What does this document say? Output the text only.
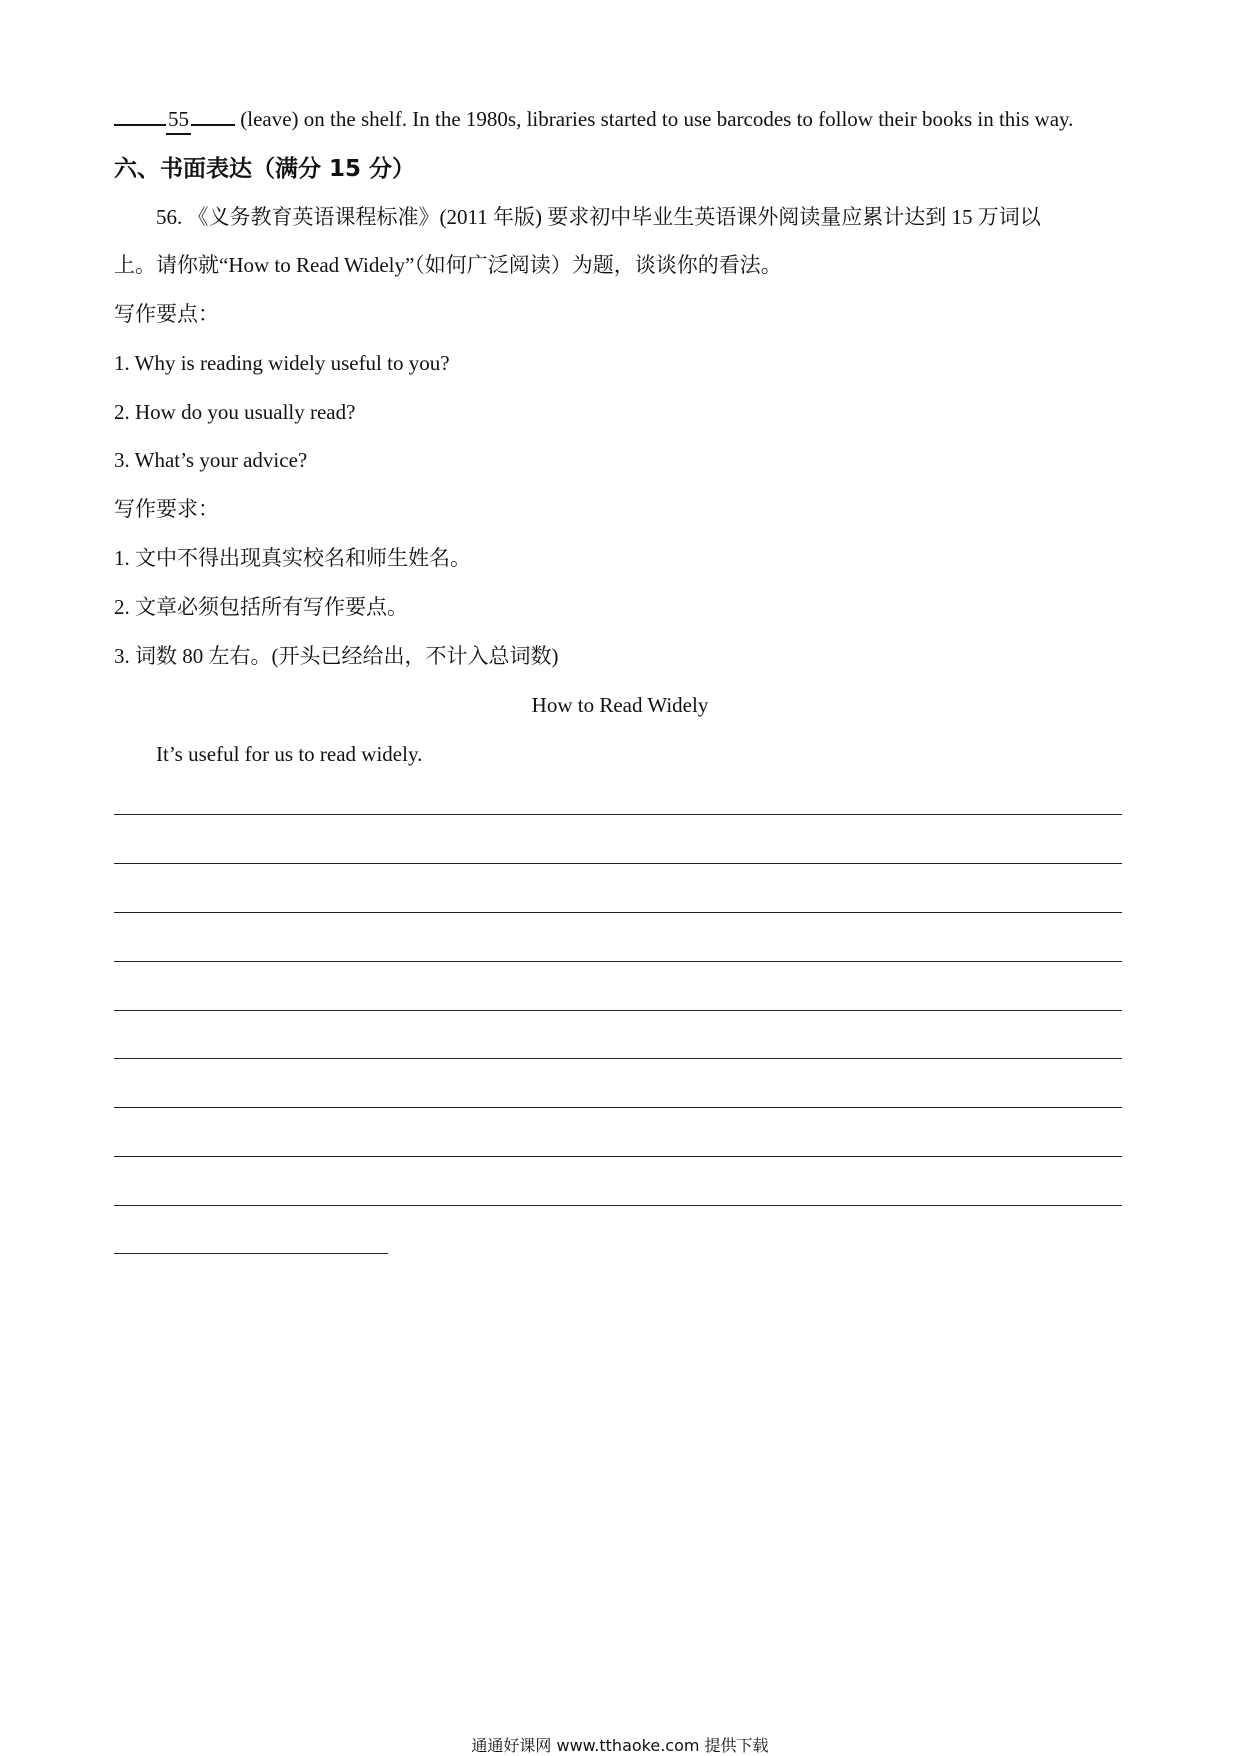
55 (leave) on the shelf. In the 1980s, libraries started to use barcodes to follow their books in this way.
六、书面表达（满分 15 分）
56. 《义务教育英语课程标准》(2011 年版) 要求初中毕业生英语课外阅读量应累计达到 15 万词以
上。请你就“How to Read Widely”（如何广泛阅读）为题，谈谈你的看法。
写作要点：
1. Why is reading widely useful to you?
2. How do you usually read?
3. What’s your advice?
写作要求：
1. 文中不得出现真实校名和师生姓名。
2. 文章必须包括所有写作要点。
3. 词数 80 左右。(开头已经给出，不计入总词数)
How to Read Widely
It’s useful for us to read widely.
通通好课网 www.tthaoke.com 提供下载
